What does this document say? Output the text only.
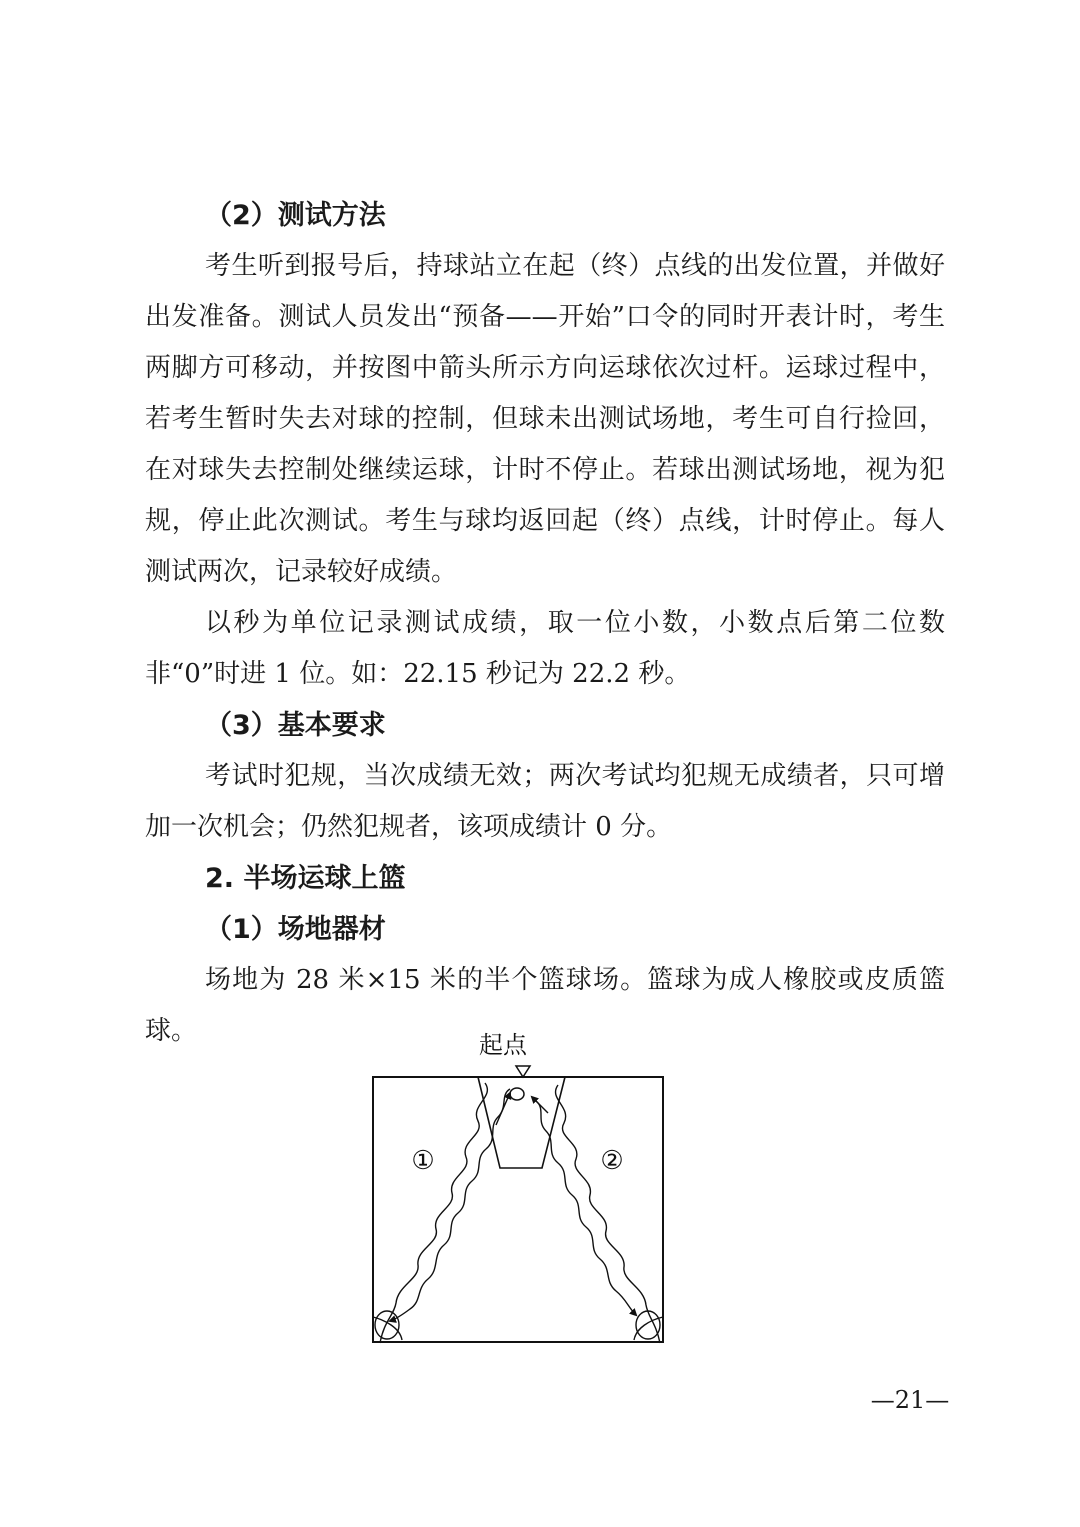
（2）测试方法

考生听到报号后，持球站立在起（终）点线的出发位置，并做好出发准备。测试人员发出“预备——开始”口令的同时开表计时，考生两脚方可移动，并按图中箭头所示方向运球依次过杆。运球过程中，若考生暂时失去对球的控制，但球未出测试场地，考生可自行捡回，在对球失去控制处继续运球，计时不停止。若球出测试场地，视为犯规，停止此次测试。考生与球均返回起（终）点线，计时停止。每人测试两次，记录较好成绩。

以秒为单位记录测试成绩，取一位小数，小数点后第二位数非“0”时进 1 位。如：22.15 秒记为 22.2 秒。

（3）基本要求

考试时犯规，当次成绩无效；两次考试均犯规无成绩者，只可增加一次机会；仍然犯规者，该项成绩计 0 分。

2. 半场运球上篮
（1）场地器材

场地为 28 米×15 米的半个篮球场。篮球为成人橡胶或皮质篮球。	起点
①	②
—21—
